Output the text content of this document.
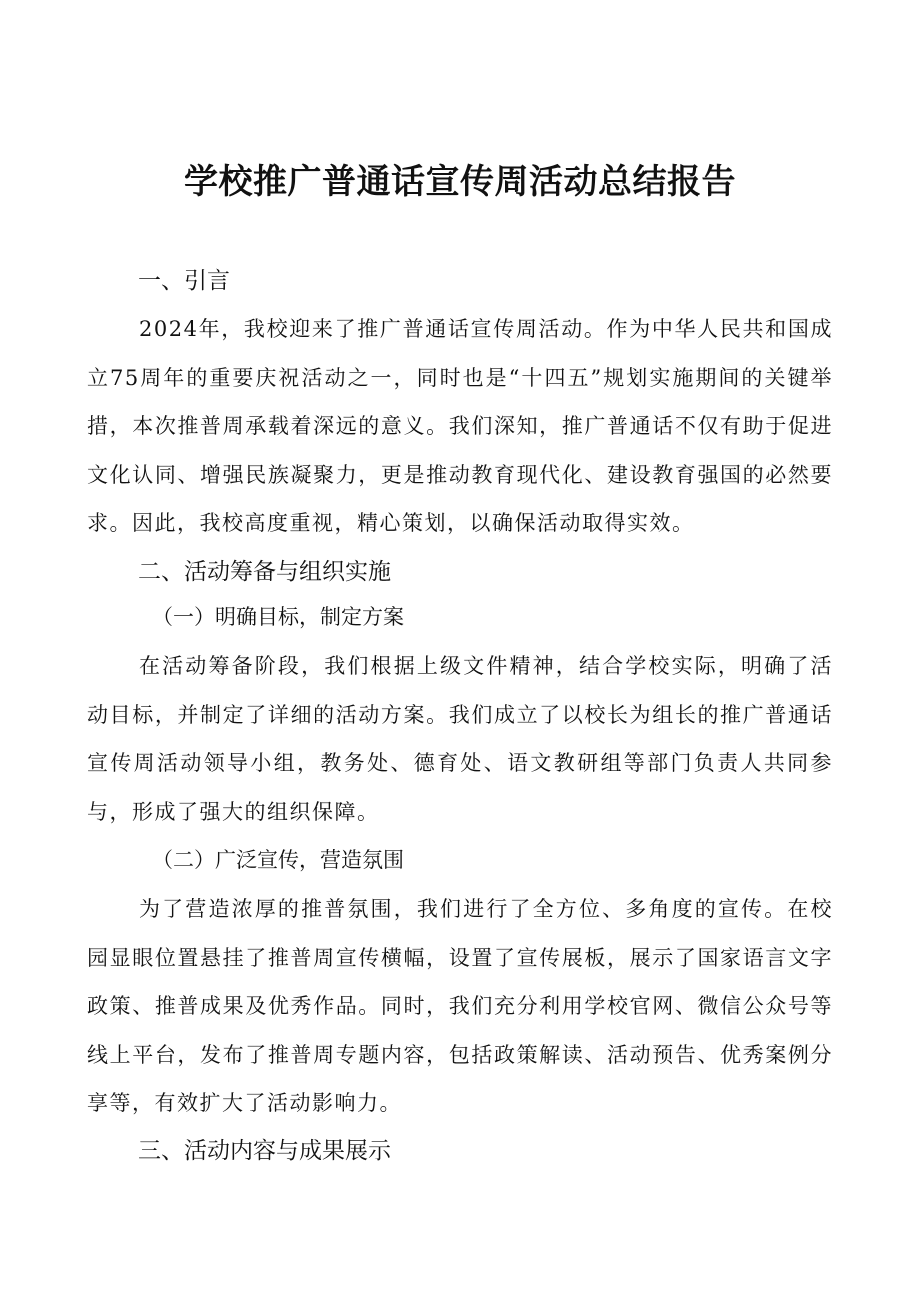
学校推广普通话宣传周活动总结报告
一、引言

2024年，我校迎来了推广普通话宣传周活动。作为中华人民共和国成立75周年的重要庆祝活动之一，同时也是“十四五”规划实施期间的关键举措，本次推普周承载着深远的意义。我们深知，推广普通话不仅有助于促进文化认同、增强民族凝聚力，更是推动教育现代化、建设教育强国的必然要求。因此，我校高度重视，精心策划，以确保活动取得实效。

二、活动筹备与组织实施
（一）明确目标，制定方案

在活动筹备阶段，我们根据上级文件精神，结合学校实际，明确了活动目标，并制定了详细的活动方案。我们成立了以校长为组长的推广普通话宣传周活动领导小组，教务处、德育处、语文教研组等部门负责人共同参与，形成了强大的组织保障。

（二）广泛宣传，营造氛围

为了营造浓厚的推普氛围，我们进行了全方位、多角度的宣传。在校园显眼位置悬挂了推普周宣传横幅，设置了宣传展板，展示了国家语言文字政策、推普成果及优秀作品。同时，我们充分利用学校官网、微信公众号等线上平台，发布了推普周专题内容，包括政策解读、活动预告、优秀案例分享等，有效扩大了活动影响力。

三、活动内容与成果展示
